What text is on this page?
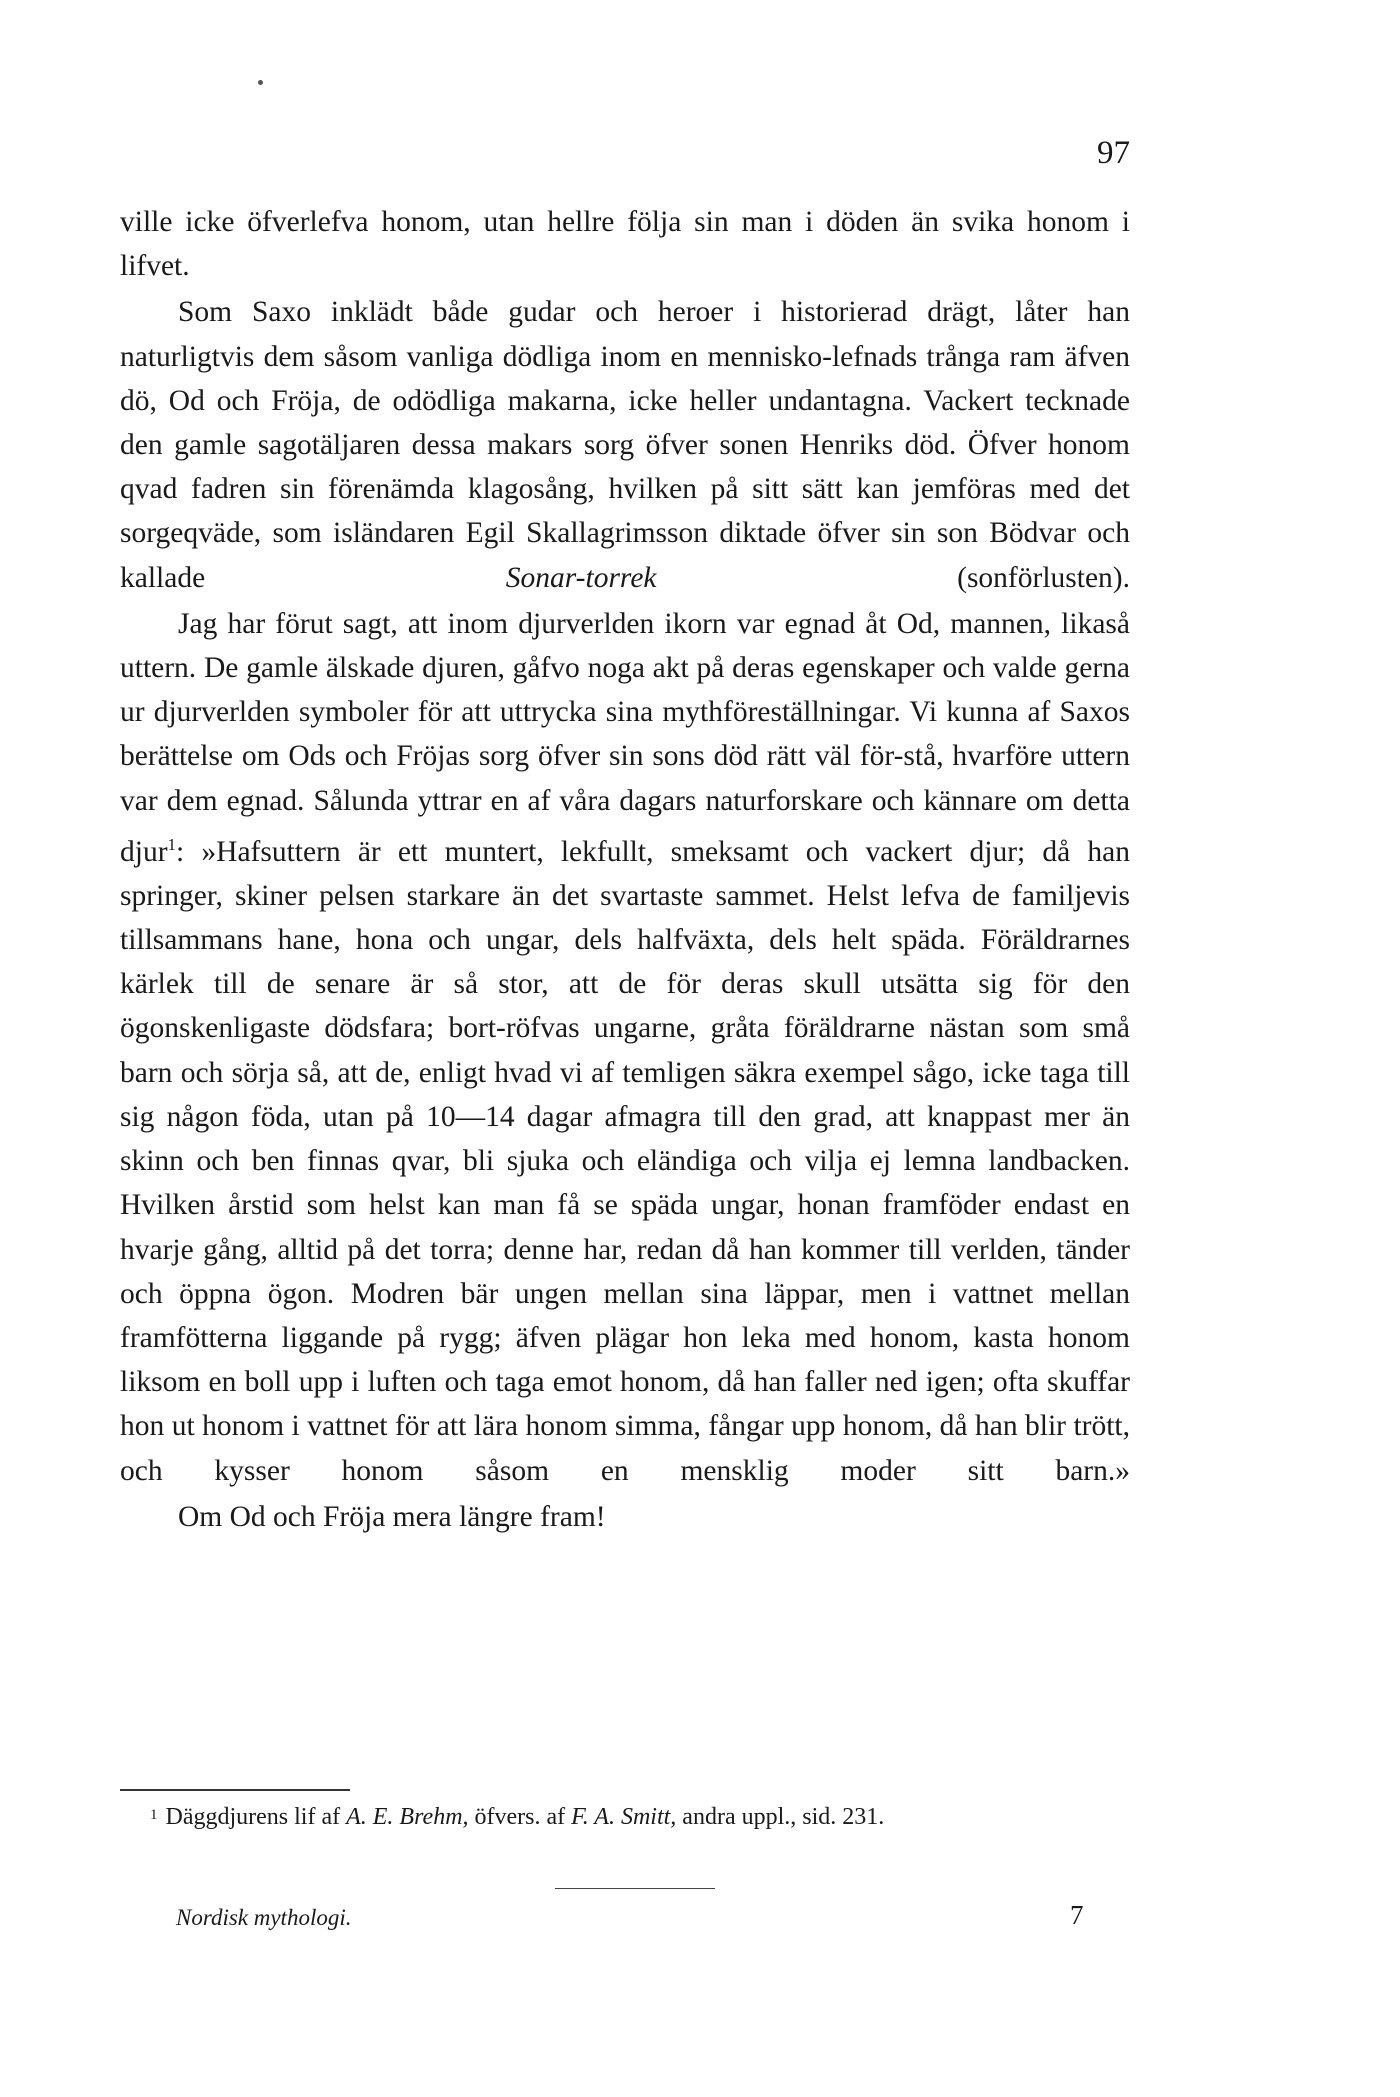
97

ville icke öfverlefva honom, utan hellre följa sin man i döden än svika honom i lifvet.

Som Saxo inklädt både gudar och heroer i historierad drägt, låter han naturligtvis dem såsom vanliga dödliga inom en mennisko-lefnads trånga ram äfven dö, Od och Fröja, de odödliga makarna, icke heller undantagna. Vackert tecknade den gamle sagotäljaren dessa makars sorg öfver sonen Henriks död. Öfver honom qvad fadren sin förenämda klagosång, hvilken på sitt sätt kan jemföras med det sorgeqväde, som isländaren Egil Skallagrimsson diktade öfver sin son Bödvar och kallade Sonar-torrek (sonförlusten).

Jag har förut sagt, att inom djurverlden ikorn var egnad åt Od, mannen, likaså uttern. De gamle älskade djuren, gåfvo noga akt på deras egenskaper och valde gerna ur djurverlden symboler för att uttrycka sina mythföreställningar. Vi kunna af Saxos berättelse om Ods och Fröjas sorg öfver sin sons död rätt väl för-stå, hvarföre uttern var dem egnad. Sålunda yttrar en af våra dagars naturforskare och kännare om detta djur$^1$: »Hafsuttern är ett muntert, lekfullt, smeksamt och vackert djur; då han springer, skiner pelsen starkare än det svartaste sammet. Helst lefva de familjevis tillsammans hane, hona och ungar, dels halfväxta, dels helt späda. Föräldrarnes kärlek till de senare är så stor, att de för deras skull utsätta sig för den ögonskenligaste dödsfara; bort-röfvas ungarne, gråta föräldrarne nästan som små barn och sörja så, att de, enligt hvad vi af temligen säkra exempel sågo, icke taga till sig någon föda, utan på 10—14 dagar afmagra till den grad, att knappast mer än skinn och ben finnas qvar, bli sjuka och eländiga och vilja ej lemna landbacken. Hvilken årstid som helst kan man få se späda ungar, honan framföder endast en hvarje gång, alltid på det torra; denne har, redan då han kommer till verlden, tänder och öppna ögon. Modren bär ungen mellan sina läppar, men i vattnet mellan framfötterna liggande på rygg; äfven plägar hon leka med honom, kasta honom liksom en boll upp i luften och taga emot honom, då han faller ned igen; ofta skuffar hon ut honom i vattnet för att lära honom simma, fångar upp honom, då han blir trött, och kysser honom såsom en mensklig moder sitt barn.»

Om Od och Fröja mera längre fram!

$^1$ Däggdjurens lif af A. E. Brehm, öfvers. af F. A. Smitt, andra uppl., sid. 231.
Nordisk mythologi.	7
